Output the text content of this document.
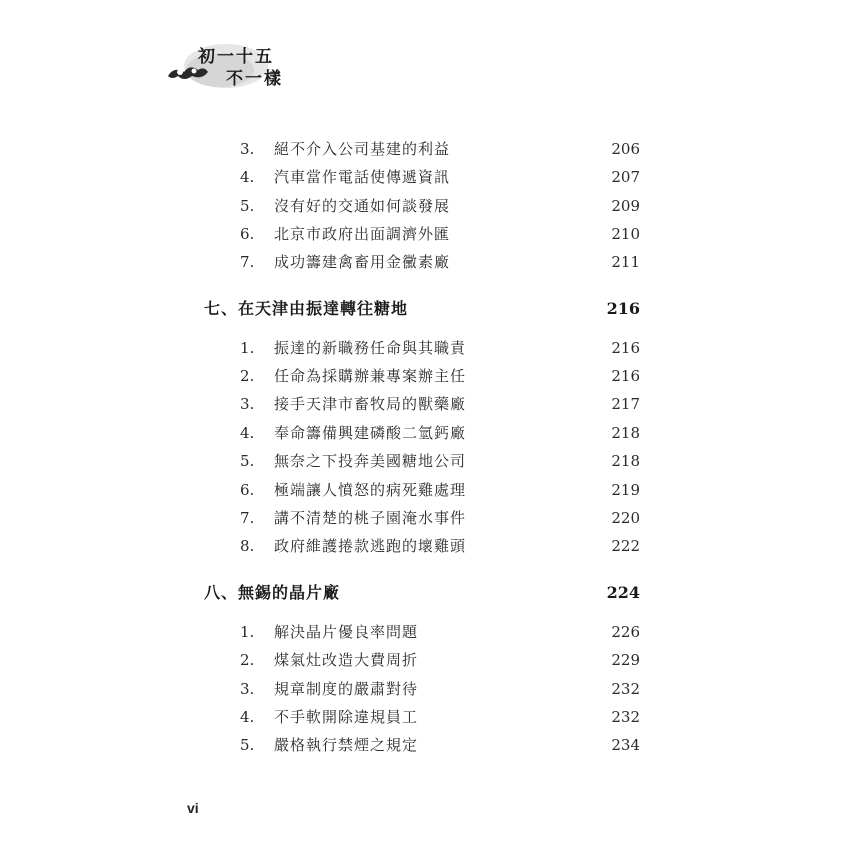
初一十五
不一樣
3.	絕不介入公司基建的利益	206
4.	汽車當作電話使傳遞資訊	207
5.	沒有好的交通如何談發展	209
6.	北京市政府出面調濟外匯	210
7.	成功籌建禽畜用金黴素廠	211
七、在天津由振達轉往糖地	216
1.	振達的新職務任命與其職責	216
2.	任命為採購辦兼專案辦主任	216
3.	接手天津市畜牧局的獸藥廠	217
4.	奉命籌備興建磷酸二氫鈣廠	218
5.	無奈之下投奔美國糖地公司	218
6.	極端讓人憤怒的病死雞處理	219
7.	講不清楚的桃子園淹水事件	220
8.	政府維護捲款逃跑的壞雞頭	222
八、無錫的晶片廠	224
1.	解決晶片優良率問題	226
2.	煤氣灶改造大費周折	229
3.	規章制度的嚴肅對待	232
4.	不手軟開除違規員工	232
5.	嚴格執行禁煙之規定	234
vi
